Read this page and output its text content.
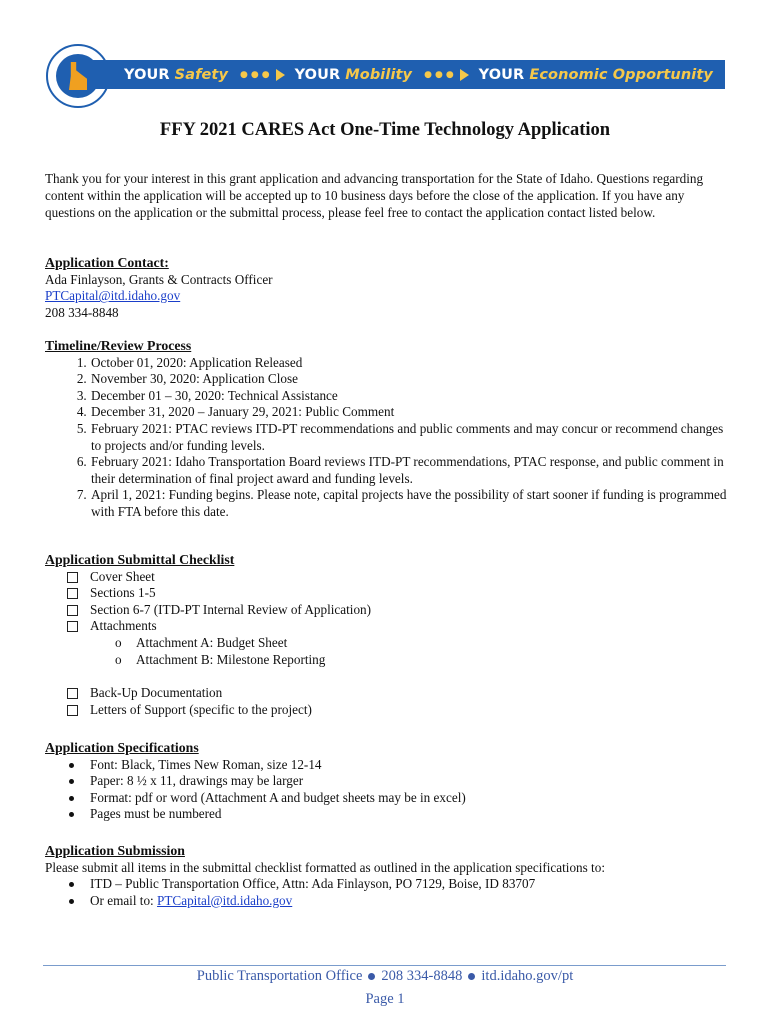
YOUR Safety ●●● YOUR Mobility ●●● YOUR Economic Opportunity
FFY 2021 CARES Act One-Time Technology Application
Thank you for your interest in this grant application and advancing transportation for the State of Idaho. Questions regarding content within the application will be accepted up to 10 business days before the close of the application. If you have any questions on the application or the submittal process, please feel free to contact the application contact listed below.
Application Contact:
Ada Finlayson, Grants & Contracts Officer
PTCapital@itd.idaho.gov
208 334-8848
Timeline/Review Process
1. October 01, 2020: Application Released
2. November 30, 2020: Application Close
3. December 01 – 30, 2020: Technical Assistance
4. December 31, 2020 – January 29, 2021: Public Comment
5. February 2021: PTAC reviews ITD-PT recommendations and public comments and may concur or recommend changes to projects and/or funding levels.
6. February 2021: Idaho Transportation Board reviews ITD-PT recommendations, PTAC response, and public comment in their determination of final project award and funding levels.
7. April 1, 2021: Funding begins. Please note, capital projects have the possibility of start sooner if funding is programmed with FTA before this date.
Application Submittal Checklist
Cover Sheet
Sections 1-5
Section 6-7 (ITD-PT Internal Review of Application)
Attachments
o Attachment A: Budget Sheet
o Attachment B: Milestone Reporting
Back-Up Documentation
Letters of Support (specific to the project)
Application Specifications
Font: Black, Times New Roman, size 12-14
Paper: 8 ½ x 11, drawings may be larger
Format: pdf or word (Attachment A and budget sheets may be in excel)
Pages must be numbered
Application Submission
Please submit all items in the submittal checklist formatted as outlined in the application specifications to:
ITD – Public Transportation Office, Attn: Ada Finlayson, PO 7129, Boise, ID 83707
Or email to: PTCapital@itd.idaho.gov
Public Transportation Office 208 334-8848 itd.idaho.gov/pt
Page 1
